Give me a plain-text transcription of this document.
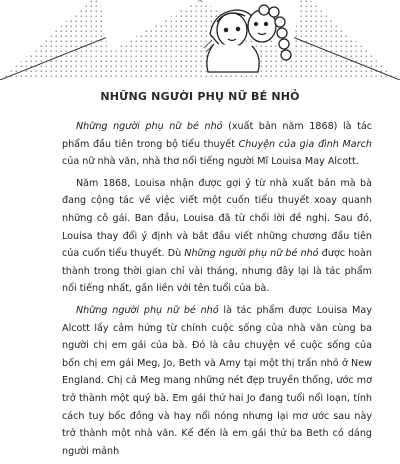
NHỮNG NGƯỜI PHỤ NỮ BÉ NHỎ

Những người phụ nữ bé nhỏ (xuất bản năm 1868) là tác phẩm đầu tiên trong bộ tiểu thuyết Chuyện của gia đình March của nữ nhà văn, nhà thơ nổi tiếng người Mĩ Louisa May Alcott.

Năm 1868, Louisa nhận được gợi ý từ nhà xuất bản mà bà đang cộng tác về việc viết một cuốn tiểu thuyết xoay quanh những cô gái. Ban đầu, Louisa đã từ chối lời đề nghị. Sau đó, Louisa thay đổi ý định và bắt đầu viết những chương đầu tiên của cuốn tiểu thuyết. Dù Những người phụ nữ bé nhỏ được hoàn thành trong thời gian chỉ vài tháng, nhưng đây lại là tác phẩm nổi tiếng nhất, gần liền với tên tuổi của bà.

Những người phụ nữ bé nhỏ là tác phẩm được Louisa May Alcott lấy cảm hứng từ chính cuộc sống của nhà văn cùng ba người chị em gái của bà. Đó là câu chuyện về cuộc sống của bốn chị em gái Meg, Jo, Beth và Amy tại một thị trấn nhỏ ở New England. Chị cả Meg mang những nét đẹp truyền thống, ước mơ trở thành một quý bà. Em gái thứ hai Jo đang tuổi nổi loạn, tính cách tuy bốc đồng và hay nổi nóng nhưng lại mơ ước sau này trở thành một nhà văn. Kế đến là em gái thứ ba Beth có dáng người mảnh
